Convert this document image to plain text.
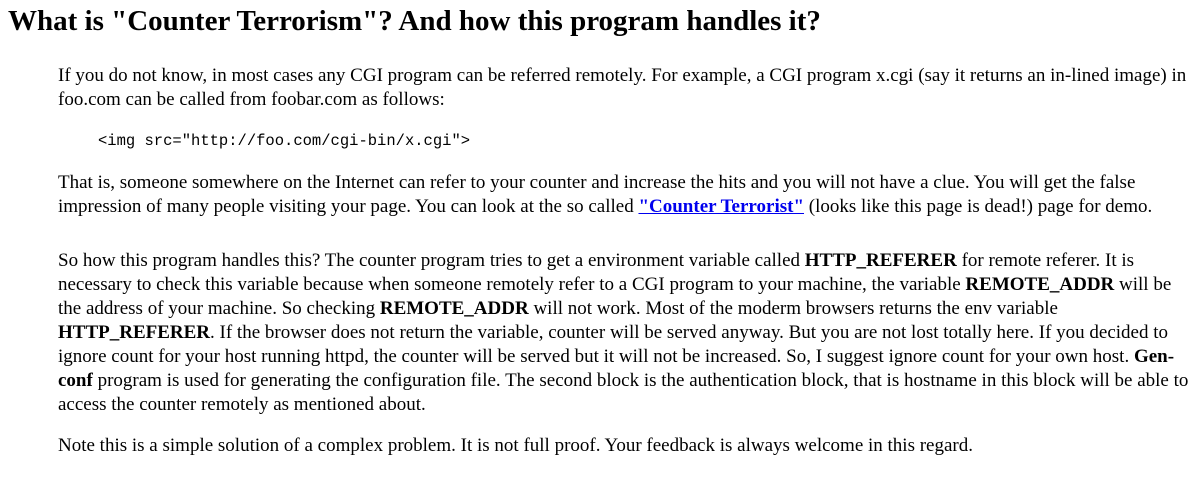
What is "Counter Terrorism"? And how this program handles it?

If you do not know, in most cases any CGI program can be referred remotely. For example, a CGI program x.cgi (say it returns an in-lined image) in foo.com can be called from foobar.com as follows:

<img src="http://foo.com/cgi-bin/x.cgi">

That is, someone somewhere on the Internet can refer to your counter and increase the hits and you will not have a clue. You will get the false impression of many people visiting your page. You can look at the so called "Counter Terrorist" (looks like this page is dead!) page for demo.

So how this program handles this? The counter program tries to get a environment variable called HTTP_REFERER for remote referer. It is necessary to check this variable because when someone remotely refer to a CGI program to your machine, the variable REMOTE_ADDR will be the address of your machine. So checking REMOTE_ADDR will not work. Most of the moderm browsers returns the env variable HTTP_REFERER. If the browser does not return the variable, counter will be served anyway. But you are not lost totally here. If you decided to ignore count for your host running httpd, the counter will be served but it will not be increased. So, I suggest ignore count for your own host. Gen-conf program is used for generating the configuration file. The second block is the authentication block, that is hostname in this block will be able to access the counter remotely as mentioned about.

Note this is a simple solution of a complex problem. It is not full proof. Your feedback is always welcome in this regard.
